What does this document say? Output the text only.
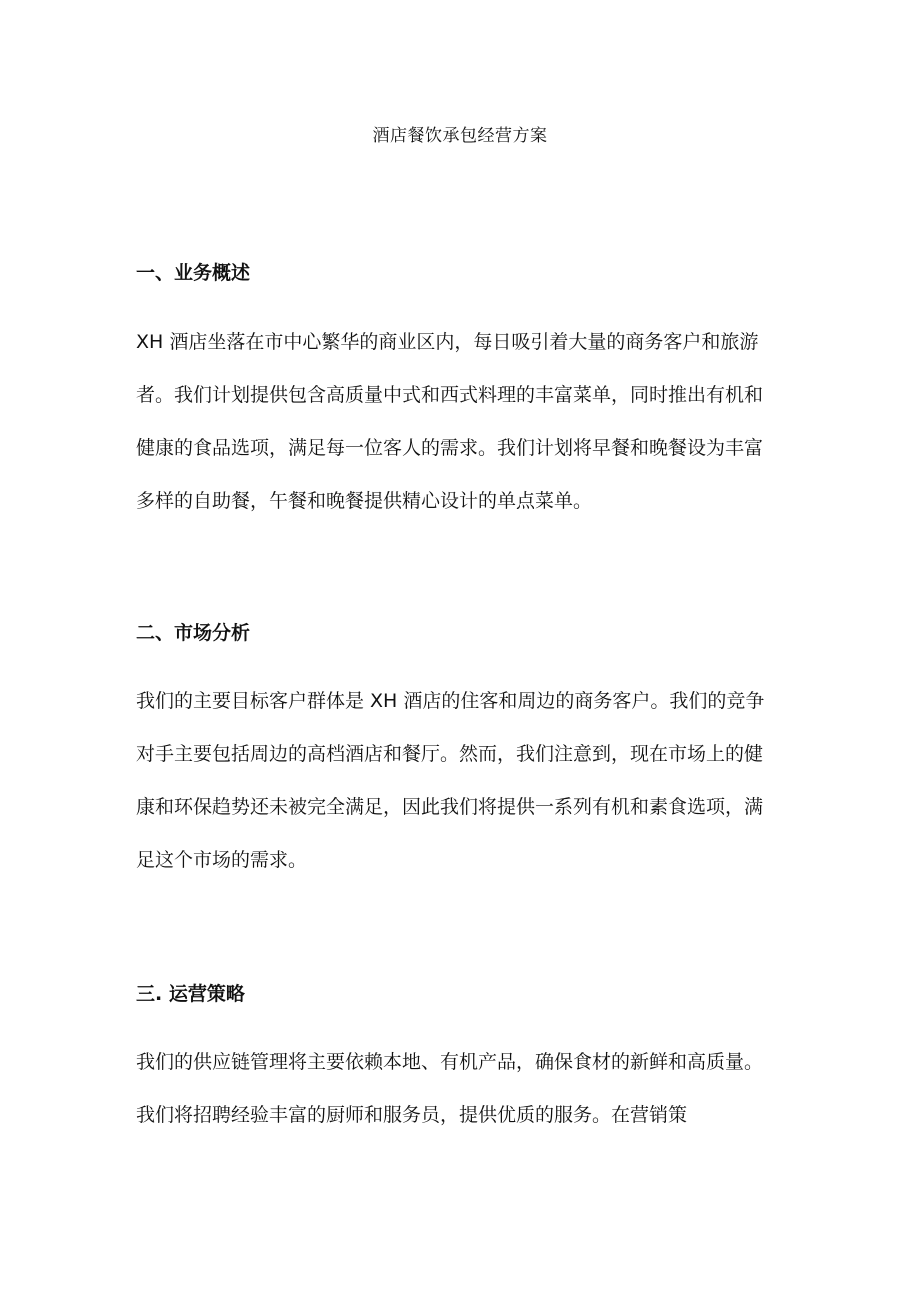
酒店餐饮承包经营方案
一、业务概述

XH 酒店坐落在市中心繁华的商业区内，每日吸引着大量的商务客户和旅游
者。我们计划提供包含高质量中式和西式料理的丰富菜单，同时推出有机和
健康的食品选项，满足每一位客人的需求。我们计划将早餐和晚餐设为丰富
多样的自助餐，午餐和晚餐提供精心设计的单点菜单。

二、市场分析

我们的主要目标客户群体是 XH 酒店的住客和周边的商务客户。我们的竞争
对手主要包括周边的高档酒店和餐厅。然而，我们注意到，现在市场上的健
康和环保趋势还未被完全满足，因此我们将提供一系列有机和素食选项，满
足这个市场的需求。

三. 运营策略

我们的供应链管理将主要依赖本地、有机产品，确保食材的新鲜和高质量。
我们将招聘经验丰富的厨师和服务员，提供优质的服务。在营销策
